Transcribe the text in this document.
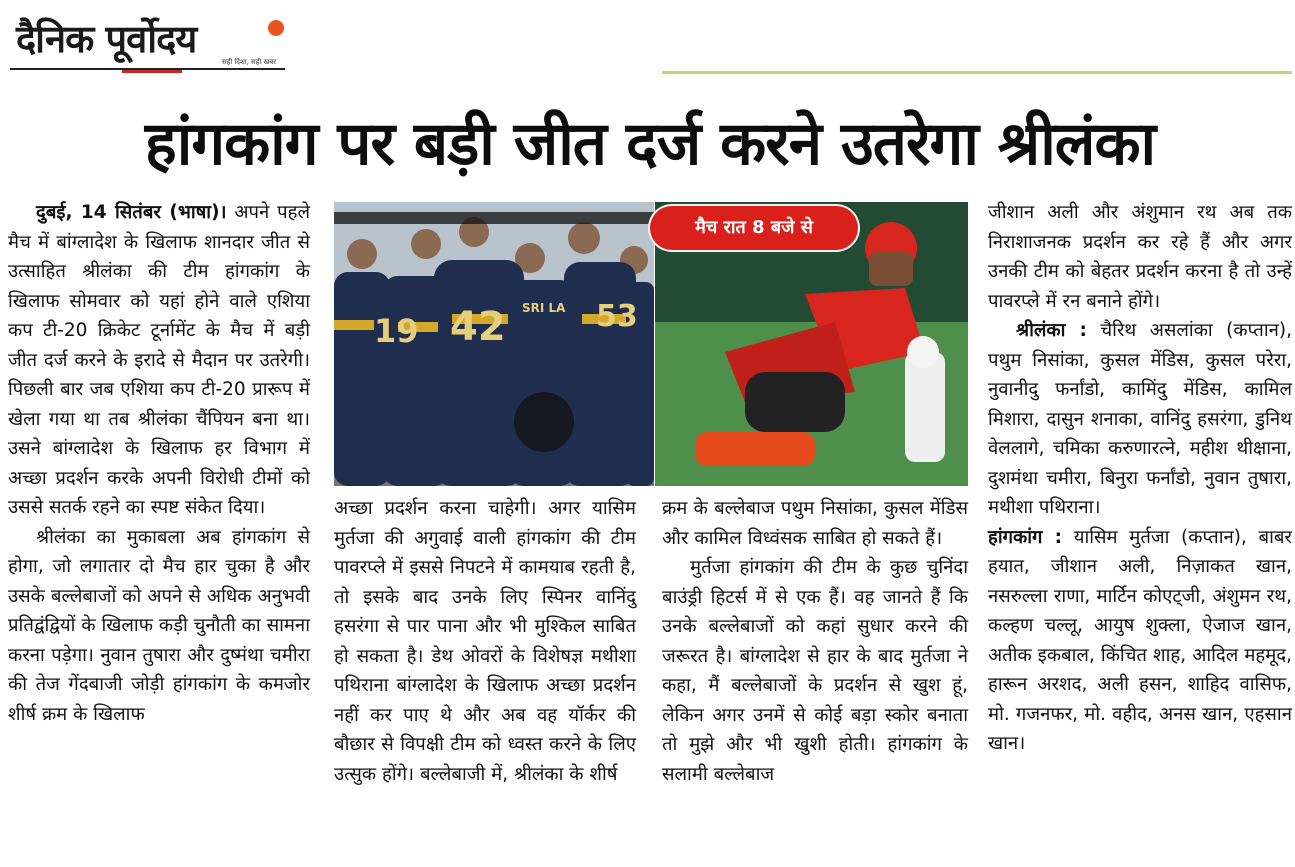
दैनिक पूर्वोदय
सही दिशा, सही खबर
हांगकांग पर बड़ी जीत दर्ज करने उतरेगा श्रीलंका

दुबई, 14 सितंबर (भाषा)। अपने पहले मैच में बांग्लादेश के खिलाफ शानदार जीत से उत्साहित श्रीलंका की टीम हांगकांग के खिलाफ सोमवार को यहां होने वाले एशिया कप टी-20 क्रिकेट टूर्नामेंट के मैच में बड़ी जीत दर्ज करने के इरादे से मैदान पर उतरेगी। पिछली बार जब एशिया कप टी-20 प्रारूप में खेला गया था तब श्रीलंका चैंपियन बना था। उसने बांग्लादेश के खिलाफ हर विभाग में अच्छा प्रदर्शन करके अपनी विरोधी टीमों को उससे सतर्क रहने का स्पष्ट संकेत दिया।

श्रीलंका का मुकाबला अब हांगकांग से होगा, जो लगातार दो मैच हार चुका है और उसके बल्लेबाजों को अपने से अधिक अनुभवी प्रतिद्वंद्वियों के खिलाफ कड़ी चुनौती का सामना करना पड़ेगा। नुवान तुषारा और दुष्मंथा चमीरा की तेज गेंदबाजी जोड़ी हांगकांग के कमजोर शीर्ष क्रम के खिलाफ

19 42	53
SRI LA
मैच रात 8 बजे से

अच्छा प्रदर्शन करना चाहेगी। अगर यासिम मुर्तजा की अगुवाई वाली हांगकांग की टीम पावरप्ले में इससे निपटने में कामयाब रहती है, तो इसके बाद उनके लिए स्पिनर वानिंदु हसरंगा से पार पाना और भी मुश्किल साबित हो सकता है। डेथ ओवरों के विशेषज्ञ मथीशा पथिराना बांग्लादेश के खिलाफ अच्छा प्रदर्शन नहीं कर पाए थे और अब वह यॉर्कर की बौछार से विपक्षी टीम को ध्वस्त करने के लिए उत्सुक होंगे। बल्लेबाजी में, श्रीलंका के शीर्ष

क्रम के बल्लेबाज पथुम निसांका, कुसल मेंडिस और कामिल विध्वंसक साबित हो सकते हैं।

मुर्तजा हांगकांग की टीम के कुछ चुनिंदा बाउंड्री हिटर्स में से एक हैं। वह जानते हैं कि उनके बल्लेबाजों को कहां सुधार करने की जरूरत है। बांग्लादेश से हार के बाद मुर्तजा ने कहा, मैं बल्लेबाजों के प्रदर्शन से खुश हूं, लेकिन अगर उनमें से कोई बड़ा स्कोर बनाता तो मुझे और भी खुशी होती। हांगकांग के सलामी बल्लेबाज

जीशान अली और अंशुमान रथ अब तक निराशाजनक प्रदर्शन कर रहे हैं और अगर उनकी टीम को बेहतर प्रदर्शन करना है तो उन्हें पावरप्ले में रन बनाने होंगे।

श्रीलंका : चैरिथ असलांका (कप्तान), पथुम निसांका, कुसल मेंडिस, कुसल परेरा, नुवानीदु फर्नांडो, कामिंदु मेंडिस, कामिल मिशारा, दासुन शनाका, वानिंदु हसरंगा, डुनिथ वेललागे, चमिका करुणारत्ने, महीश थीक्षाना, दुशमंथा चमीरा, बिनुरा फर्नांडो, नुवान तुषारा, मथीशा पथिराना।

हांगकांग : यासिम मुर्तजा (कप्तान), बाबर हयात, जीशान अली, निज़ाकत खान, नसरुल्ला राणा, मार्टिन कोएट्जी, अंशुमन रथ, कल्हण चल्लू, आयुष शुक्ला, ऐजाज खान, अतीक इकबाल, किंचित शाह, आदिल महमूद, हारून अरशद, अली हसन, शाहिद वासिफ, मो. गजनफर, मो. वहीद, अनस खान, एहसान खान।
